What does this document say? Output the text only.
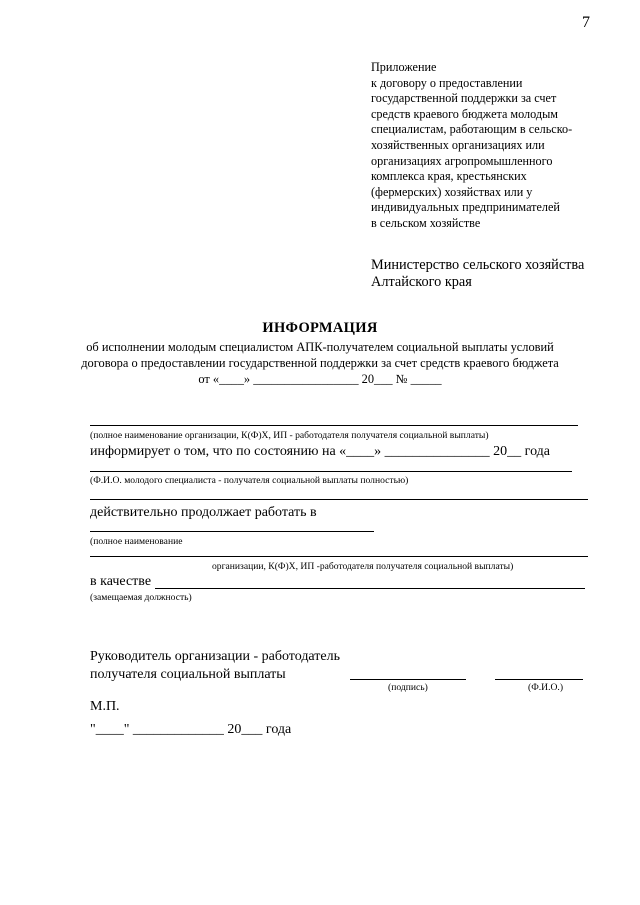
7
Приложение
к договору о предоставлении
государственной поддержки за счет
средств краевого бюджета молодым
специалистам, работающим в сельско-
хозяйственных организациях или
организациях агропромышленного
комплекса края, крестьянских
(фермерских) хозяйствах или у
индивидуальных предпринимателей
в сельском хозяйстве
Министерство сельского хозяйства
Алтайского края
ИНФОРМАЦИЯ
об исполнении молодым специалистом АПК-получателем социальной выплаты условий
договора о предоставлении государственной поддержки за счет средств краевого бюджета
от «____» _________________ 20___ № _____
(полное наименование организации, К(Ф)Х, ИП - работодателя получателя социальной выплаты)
информирует о том, что по состоянию на «____» _______________ 20__ года
(Ф.И.О. молодого специалиста - получателя социальной выплаты полностью)
действительно продолжает работать в
(полное наименование
организации, К(Ф)Х, ИП -работодателя получателя социальной выплаты)
в качестве
(замещаемая должность)
Руководитель организации - работодатель
получателя социальной выплаты
(подпись)	(Ф.И.О.)
М.П.
"____" _____________ 20___ года
